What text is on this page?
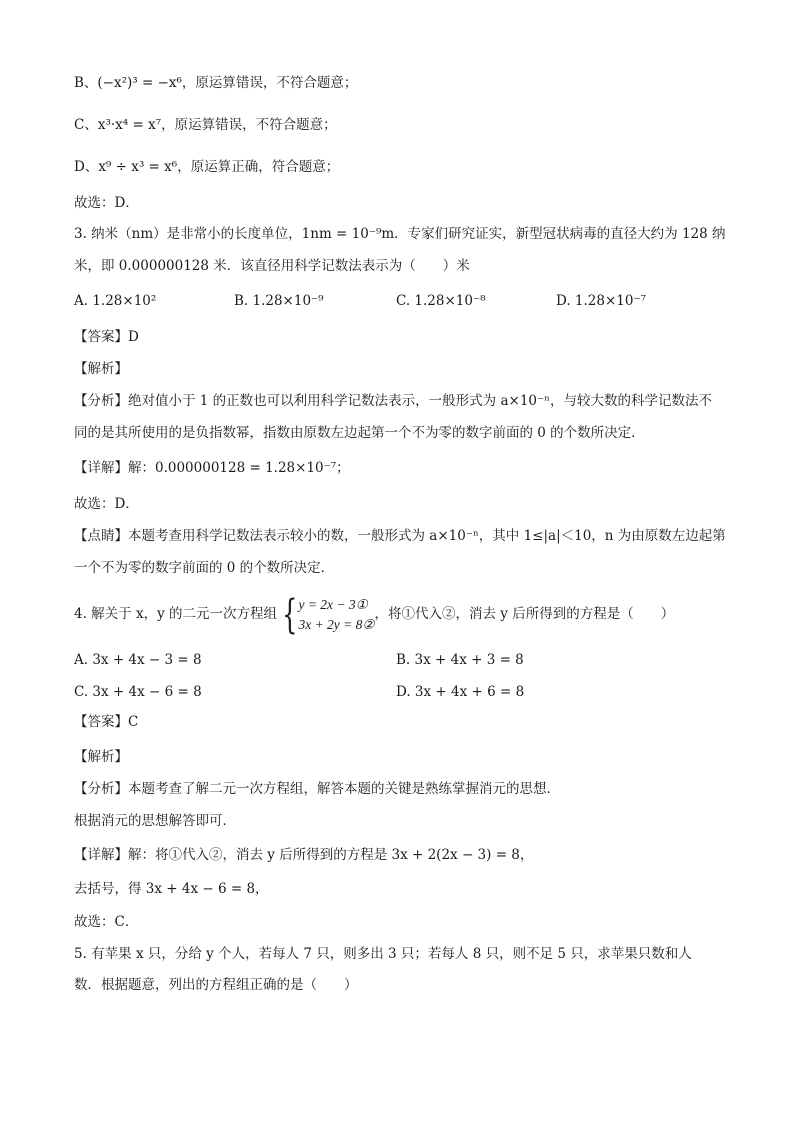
B、(−x²)³ = −x⁶，原运算错误，不符合题意；
C、x³·x⁴ = x⁷，原运算错误，不符合题意；
D、x⁹ ÷ x³ = x⁶，原运算正确，符合题意；
故选：D．
3. 纳米（nm）是非常小的长度单位，1nm = 10⁻⁹m．专家们研究证实，新型冠状病毒的直径大约为 128 纳
米，即 0.000000128 米．该直径用科学记数法表示为（　　）米
A. 1.28×10²	B. 1.28×10⁻⁹	C. 1.28×10⁻⁸	D. 1.28×10⁻⁷
【答案】D
【解析】
【分析】绝对值小于 1 的正数也可以利用科学记数法表示，一般形式为 a×10⁻ⁿ，与较大数的科学记数法不
同的是其所使用的是负指数幂，指数由原数左边起第一个不为零的数字前面的 0 的个数所决定．
【详解】解：0.000000128 = 1.28×10⁻⁷；
故选：D．
【点睛】本题考查用科学记数法表示较小的数，一般形式为 a×10⁻ⁿ，其中 1≤|a|＜10，n 为由原数左边起第
一个不为零的数字前面的 0 的个数所决定．
4. 解关于 x，y 的二元一次方程组 { y = 2x − 3①
3x + 2y = 8②
，将①代入②，消去 y 后所得到的方程是（　　）
A. 3x + 4x − 3 = 8	B. 3x + 4x + 3 = 8
C. 3x + 4x − 6 = 8	D. 3x + 4x + 6 = 8
【答案】C
【解析】
【分析】本题考查了解二元一次方程组，解答本题的关键是熟练掌握消元的思想．
根据消元的思想解答即可．
【详解】解：将①代入②，消去 y 后所得到的方程是 3x + 2(2x − 3) = 8，
去括号，得 3x + 4x − 6 = 8，
故选：C．
5. 有苹果 x 只，分给 y 个人，若每人 7 只，则多出 3 只；若每人 8 只，则不足 5 只，求苹果只数和人
数．根据题意，列出的方程组正确的是（　　）
